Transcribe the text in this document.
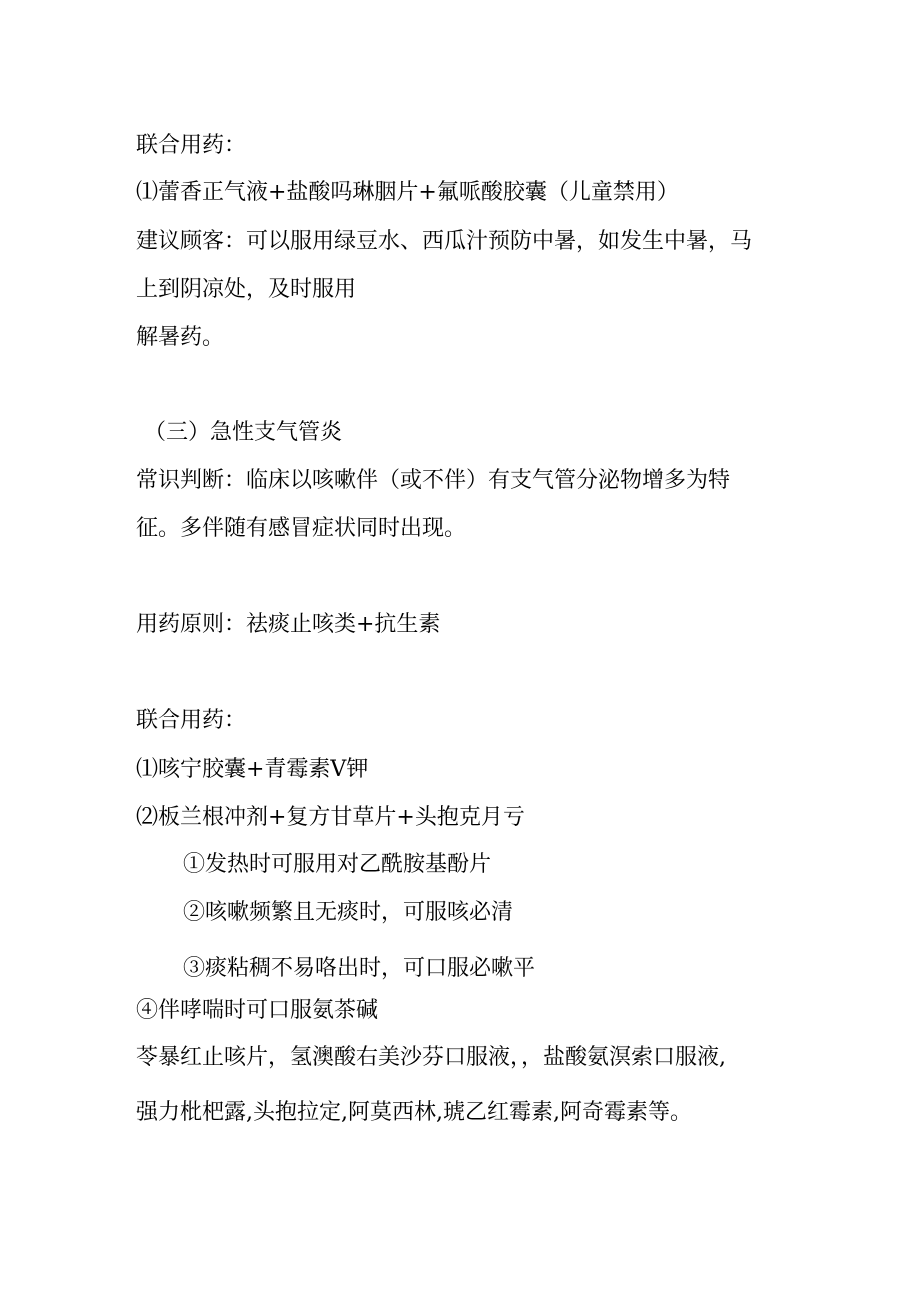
联合用药：
⑴蕾香正气液+盐酸吗琳胭片+氟哌酸胶囊（儿童禁用）
建议顾客：可以服用绿豆水、西瓜汁预防中暑，如发生中暑，马
上到阴凉处，及时服用
解暑药。
（三）急性支气管炎
常识判断：临床以咳嗽伴（或不伴）有支气管分泌物增多为特
征。多伴随有感冒症状同时出现。
用药原则：祛痰止咳类+抗生素
联合用药：
⑴咳宁胶囊+青霉素V钾
⑵板兰根冲剂+复方甘草片+头抱克月亏
①发热时可服用对乙酰胺基酚片
②咳嗽频繁且无痰时，可服咳必清
③痰粘稠不易咯出时，可口服必嗽平
④伴哮喘时可口服氨茶碱
苓暴红止咳片，氢澳酸右美沙芬口服液，，盐酸氨溟索口服液,
强力枇杷露,头抱拉定,阿莫西林,琥乙红霉素,阿奇霉素等。
